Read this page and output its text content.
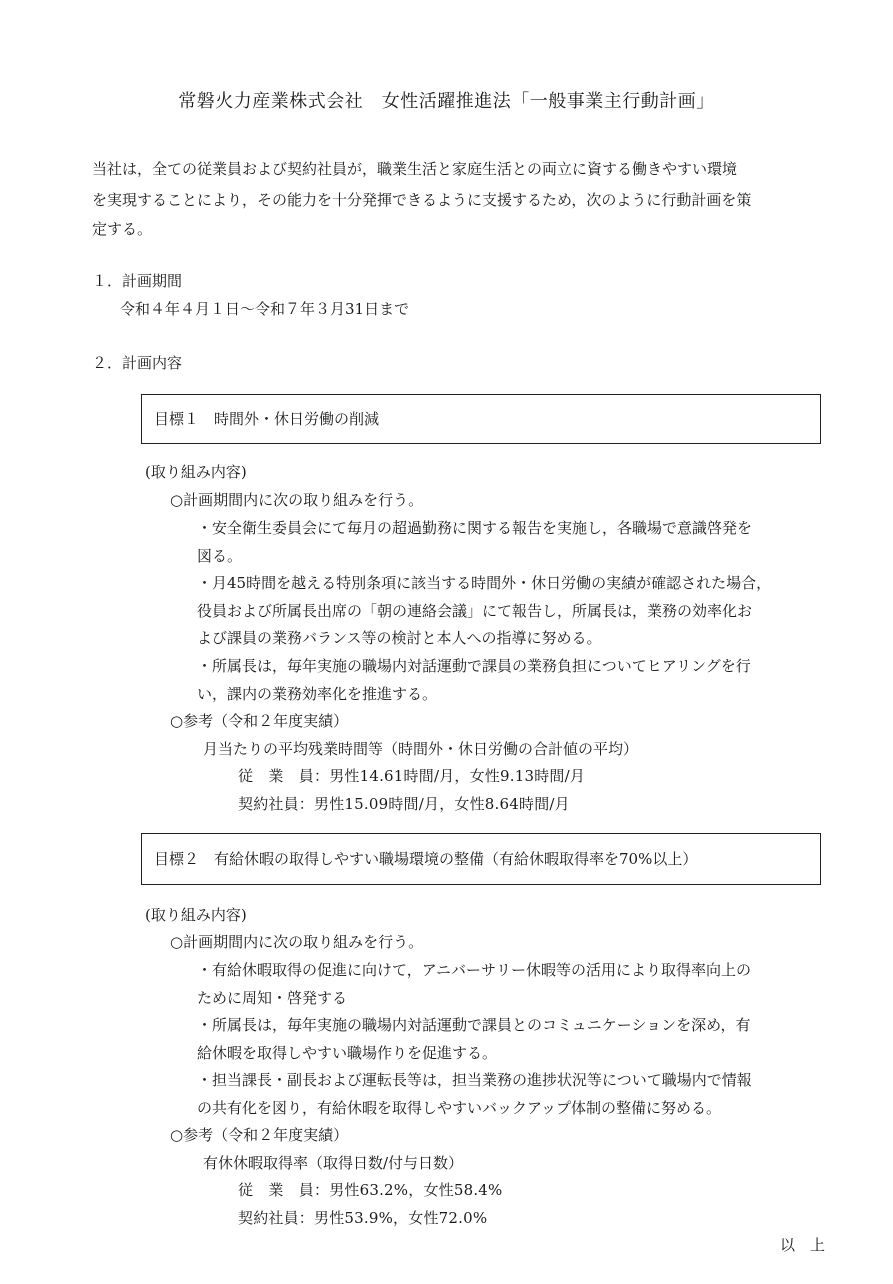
常磐火力産業株式会社　女性活躍推進法「一般事業主行動計画」
当社は，全ての従業員および契約社員が，職業生活と家庭生活との両立に資する働きやすい環境
を実現することにより，その能力を十分発揮できるように支援するため，次のように行動計画を策
定する。
１．計画期間
令和４年４月１日～令和７年３月31日まで
２．計画内容
目標１　時間外・休日労働の削減
(取り組み内容)
○計画期間内に次の取り組みを行う。
・安全衛生委員会にて毎月の超過勤務に関する報告を実施し，各職場で意識啓発を
図る。
・月45時間を越える特別条項に該当する時間外・休日労働の実績が確認された場合，
役員および所属長出席の「朝の連絡会議」にて報告し，所属長は，業務の効率化お
よび課員の業務バランス等の検討と本人への指導に努める。
・所属長は，毎年実施の職場内対話運動で課員の業務負担についてヒアリングを行
い，課内の業務効率化を推進する。
○参考（令和２年度実績）
月当たりの平均残業時間等（時間外・休日労働の合計値の平均）
従　業　員：男性14.61時間/月，女性9.13時間/月
契約社員：男性15.09時間/月，女性8.64時間/月
目標２　有給休暇の取得しやすい職場環境の整備（有給休暇取得率を70%以上）
(取り組み内容)
○計画期間内に次の取り組みを行う。
・有給休暇取得の促進に向けて，アニバーサリー休暇等の活用により取得率向上の
ために周知・啓発する
・所属長は，毎年実施の職場内対話運動で課員とのコミュニケーションを深め，有
給休暇を取得しやすい職場作りを促進する。
・担当課長・副長および運転長等は，担当業務の進捗状況等について職場内で情報
の共有化を図り，有給休暇を取得しやすいバックアップ体制の整備に努める。
○参考（令和２年度実績）
有休休暇取得率（取得日数/付与日数）
従　業　員：男性63.2%，女性58.4%
契約社員：男性53.9%，女性72.0%
以　上
